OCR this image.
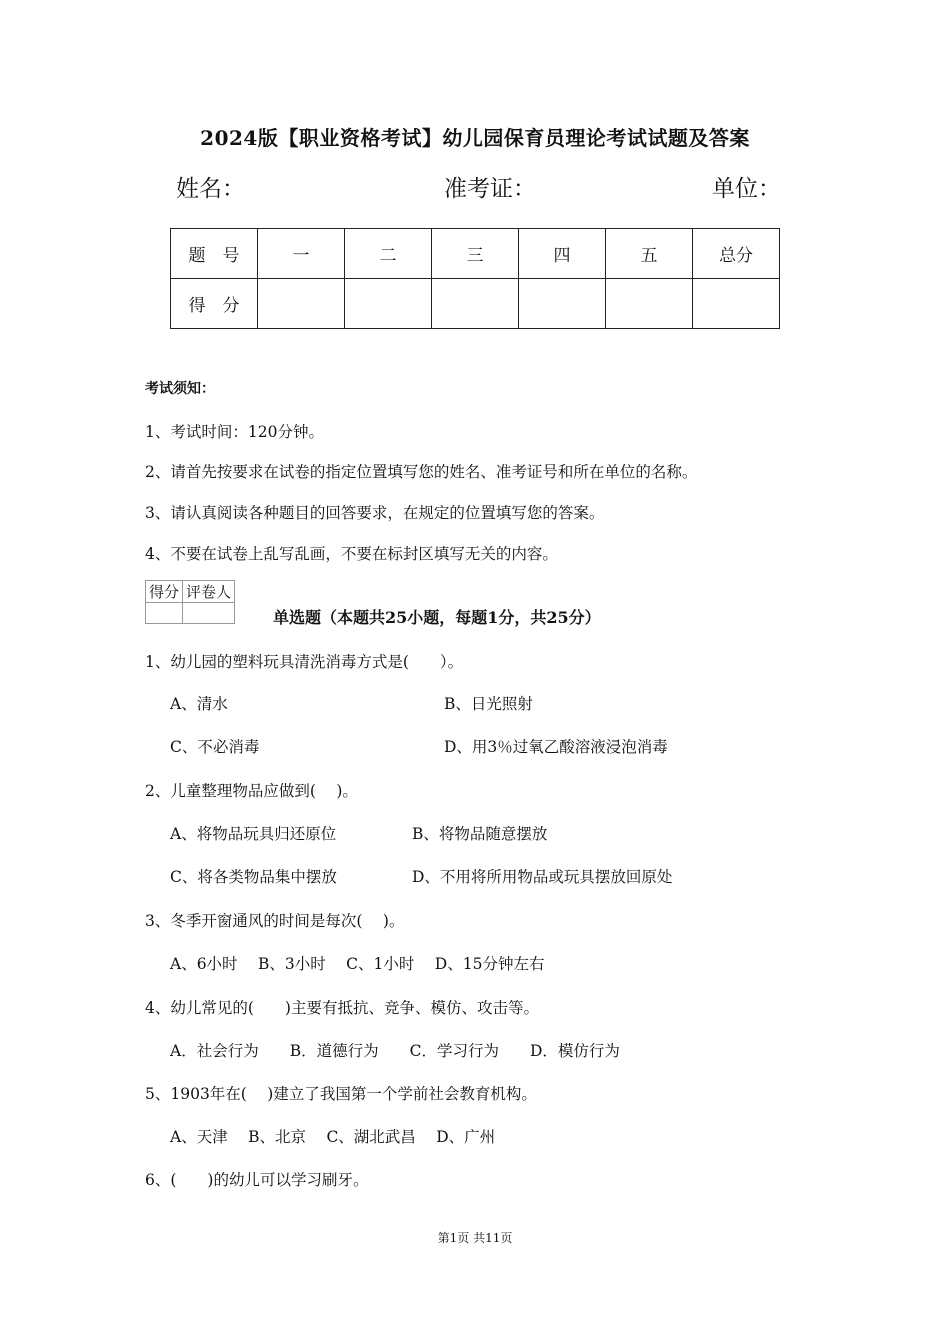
2024版【职业资格考试】幼儿园保育员理论考试试题及答案
姓名：	准考证：	单位：
题　号	一	二	三	四	五	总分
得　分						
考试须知：
1、考试时间：120分钟。
2、请首先按要求在试卷的指定位置填写您的姓名、准考证号和所在单位的名称。
3、请认真阅读各种题目的回答要求，在规定的位置填写您的答案。
4、不要在试卷上乱写乱画，不要在标封区填写无关的内容。
得分	评卷人

单选题（本题共25小题，每题1分，共25分）
1、幼儿园的塑料玩具清洗消毒方式是(　　）。
A、清水	B、日光照射
C、不必消毒	D、用3％过氧乙酸溶液浸泡消毒
2、儿童整理物品应做到(　 )。
A、将物品玩具归还原位	B、将物品随意摆放
C、将各类物品集中摆放	D、不用将所用物品或玩具摆放回原处
3、冬季开窗通风的时间是每次(　 )。
A、6小时　 B、3小时　 C、1小时　 D、15分钟左右
4、幼儿常见的(　　)主要有抵抗、竞争、模仿、攻击等。
A．社会行为　　B．道德行为　　C．学习行为　　D．模仿行为
5、1903年在(　 )建立了我国第一个学前社会教育机构。
A、天津　 B、北京　 C、湖北武昌　 D、广州
6、(　　)的幼儿可以学习刷牙。
第1页 共11页
